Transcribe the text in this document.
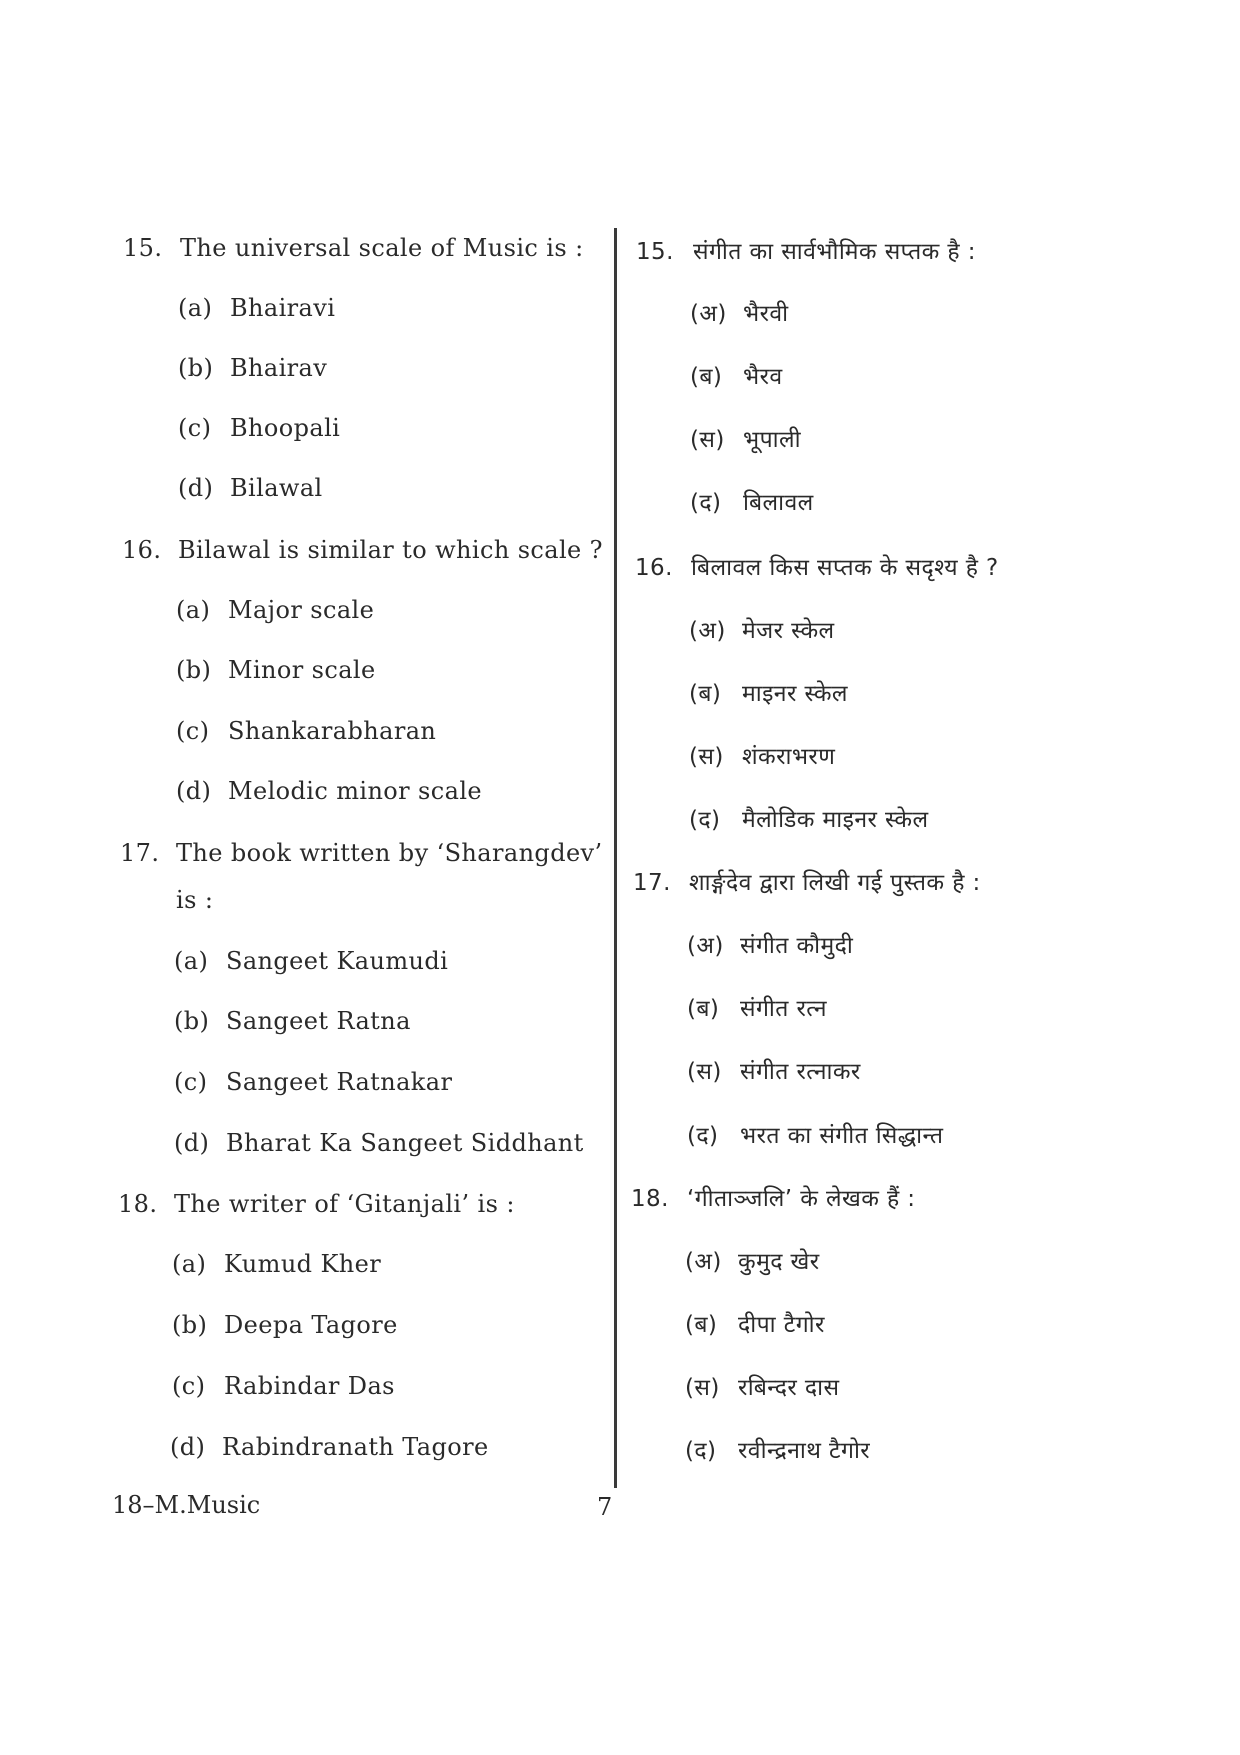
15. The universal scale of Music is :
(a) Bhairavi
(b) Bhairav
(c) Bhoopali
(d) Bilawal
16. Bilawal is similar to which scale ?
(a) Major scale
(b) Minor scale
(c) Shankarabharan
(d) Melodic minor scale
17. The book written by ‘Sharangdev’
is :
(a) Sangeet Kaumudi
(b) Sangeet Ratna
(c) Sangeet Ratnakar
(d) Bharat Ka Sangeet Siddhant
18. The writer of ‘Gitanjali’ is :
(a) Kumud Kher
(b) Deepa Tagore
(c) Rabindar Das
(d) Rabindranath Tagore
15. संगीत का सार्वभौमिक सप्तक है :
(अ) भैरवी
(ब) भैरव
(स) भूपाली
(द) बिलावल
16. बिलावल किस सप्तक के सदृश्य है ?
(अ) मेजर स्केल
(ब) माइनर स्केल
(स) शंकराभरण
(द) मैलोडिक माइनर स्केल
17. शार्ङ्गदेव द्वारा लिखी गई पुस्तक है :
(अ) संगीत कौमुदी
(ब) संगीत रत्न
(स) संगीत रत्नाकर
(द) भरत का संगीत सिद्धान्त
18. ‘गीताञ्जलि’ के लेखक हैं :
(अ) कुमुद खेर
(ब) दीपा टैगोर
(स) रबिन्दर दास
(द) रवीन्द्रनाथ टैगोर
18–M.Music	7
